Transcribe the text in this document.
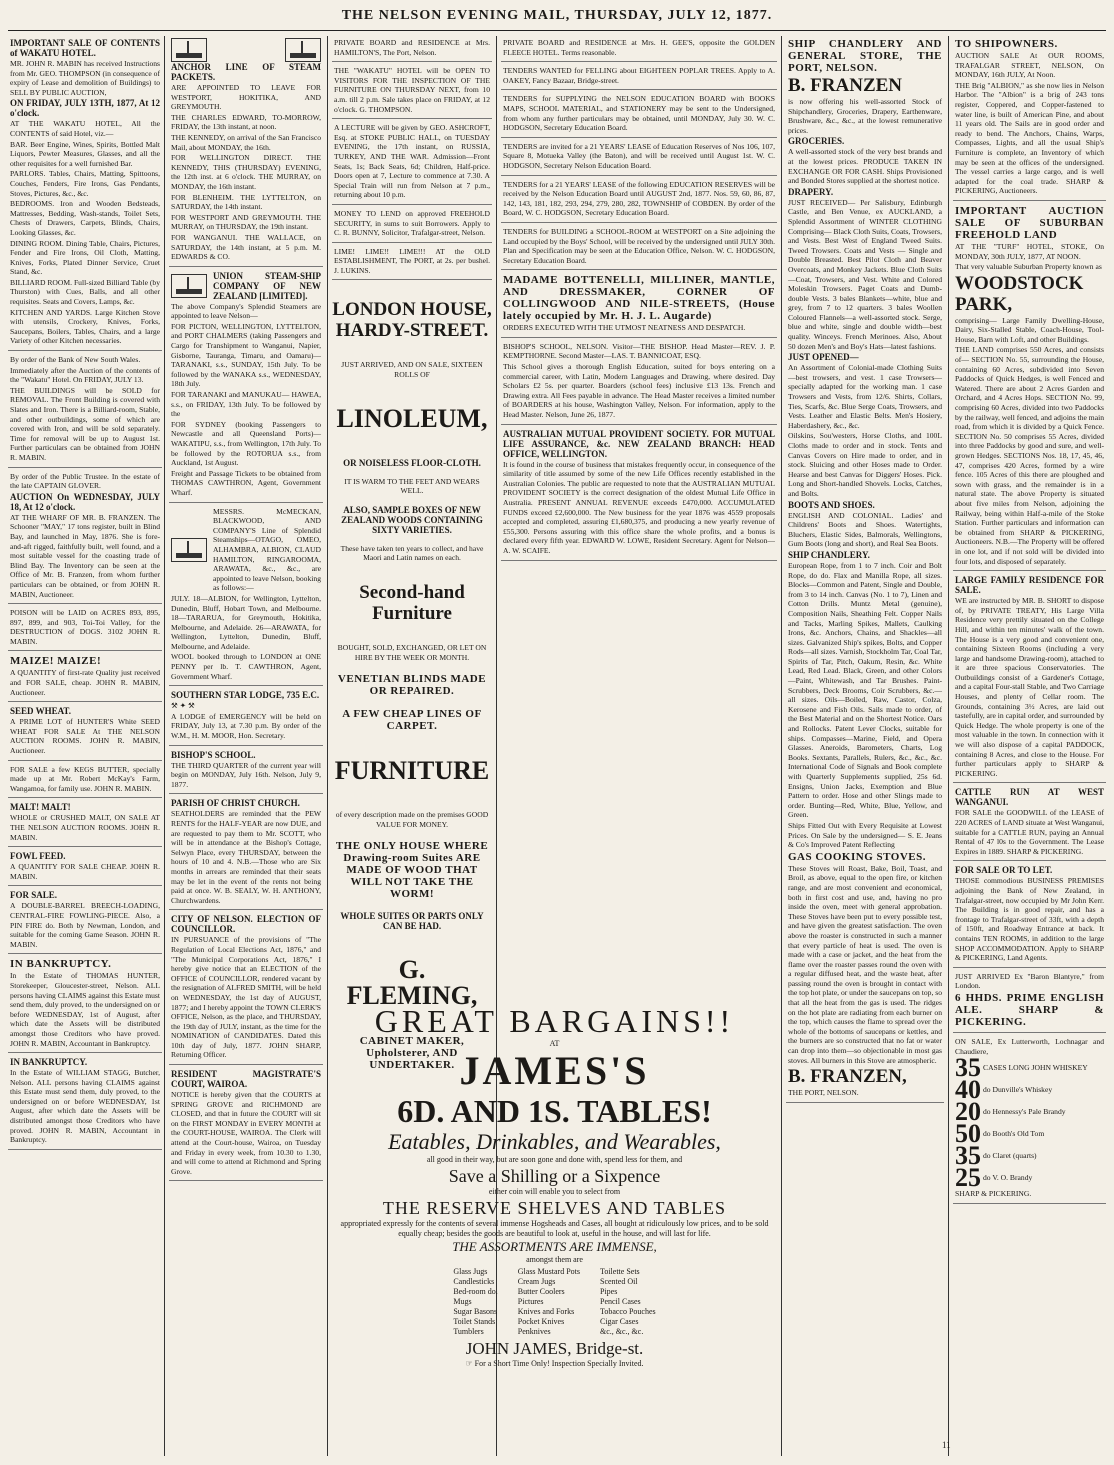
THE NELSON EVENING MAIL, THURSDAY, JULY 12, 1877.

IMPORTANT SALE OF CONTENTS of WAKATU HOTEL.

MR. JOHN R. MABIN has received Instructions from Mr. GEO. THOMPSON (in consequence of expiry of Lease and demolition of Buildings) to SELL BY PUBLIC AUCTION,

ON FRIDAY, JULY 13TH, 1877, At 12 o'clock.

AT THE WAKATU HOTEL, All the CONTENTS of said Hotel, viz.—

BAR. Beer Engine, Wines, Spirits, Bottled Malt Liquors, Pewter Measures, Glasses, and all the other requisites for a well furnished Bar.

PARLORS. Tables, Chairs, Matting, Spittoons, Couches, Fenders, Fire Irons, Gas Pendants, Stoves, Pictures, &c., &c.

BEDROOMS. Iron and Wooden Bedsteads, Mattresses, Bedding, Wash-stands, Toilet Sets, Chests of Drawers, Carpets, Blinds, Chairs, Looking Glasses, &c.

DINING ROOM. Dining Table, Chairs, Pictures, Fender and Fire Irons, Oil Cloth, Matting, Knives, Forks, Plated Dinner Service, Cruet Stand, &c.

BILLIARD ROOM. Full-sized Billiard Table (by Thurston) with Cues, Balls, and all other requisites. Seats and Covers, Lamps, &c.

KITCHEN AND YARDS. Large Kitchen Stove with utensils, Crockery, Knives, Forks, Saucepans, Boilers, Tables, Chairs, and a large Variety of other Kitchen necessaries.

By order of the Bank of New South Wales.

Immediately after the Auction of the contents of the "Wakatu" Hotel. On FRIDAY, JULY 13.

THE BUILDINGS will be SOLD for REMOVAL. The Front Building is covered with Slates and Iron. There is a Billiard-room, Stable, and other outbuildings, some of which are covered with Iron, and will be sold separately. Time for removal will be up to August 1st. Further particulars can be obtained from JOHN R. MABIN.

By order of the Public Trustee. In the estate of the late CAPTAIN GLOVER.

AUCTION On WEDNESDAY, JULY 18, At 12 o'clock.

AT THE WHARF OF MR. B. FRANZEN. The Schooner "MAY," 17 tons register, built in Blind Bay, and launched in May, 1876. She is fore-and-aft rigged, faithfully built, well found, and a most suitable vessel for the coasting trade of Blind Bay. The Inventory can be seen at the Office of Mr. B. Franzen, from whom further particulars can be obtained, or from JOHN R. MABIN, Auctioneer.

POISON will be LAID on ACRES 893, 895, 897, 899, and 903, Toi-Toi Valley, for the DESTRUCTION of DOGS. 3102 JOHN R. MABIN.

MAIZE! MAIZE!

A QUANTITY of first-rate Quality just received and FOR SALE, cheap. JOHN R. MABIN, Auctioneer.

SEED WHEAT.

A PRIME LOT of HUNTER'S White SEED WHEAT FOR SALE At THE NELSON AUCTION ROOMS. JOHN R. MABIN, Auctioneer.

FOR SALE a few KEGS BUTTER, specially made up at Mr. Robert McKay's Farm, Wangamoa, for family use. JOHN R. MABIN.

MALT! MALT!

WHOLE or CRUSHED MALT, ON SALE AT THE NELSON AUCTION ROOMS. JOHN R. MABIN.

FOWL FEED.

A QUANTITY FOR SALE CHEAP. JOHN R. MABIN.

FOR SALE.

A DOUBLE-BARREL BREECH-LOADING, CENTRAL-FIRE FOWLING-PIECE. Also, a PIN FIRE do. Both by Newman, London, and suitable for the coming Game Season. JOHN R. MABIN.

IN BANKRUPTCY.

In the Estate of THOMAS HUNTER, Storekeeper, Gloucester-street, Nelson. ALL persons having CLAIMS against this Estate must send them, duly proved, to the undersigned on or before WEDNESDAY, 1st of August, after which date the Assets will be distributed amongst those Creditors who have proved. JOHN R. MABIN, Accountant in Bankruptcy.

IN BANKRUPTCY.

In the Estate of WILLIAM STAGG, Butcher, Nelson. ALL persons having CLAIMS against this Estate must send them, duly proved, to the undersigned on or before WEDNESDAY, 1st August, after which date the Assets will be distributed amongst those Creditors who have proved. JOHN R. MABIN, Accountant in Bankruptcy.

ANCHOR LINE OF STEAM PACKETS.

ARE APPOINTED TO LEAVE FOR WESTPORT, HOKITIKA, AND GREYMOUTH.

THE CHARLES EDWARD, TO-MORROW, FRIDAY, the 13th instant, at noon.

THE KENNEDY, on arrival of the San Francisco Mail, about MONDAY, the 16th.

FOR WELLINGTON DIRECT. THE KENNEDY, THIS (THURSDAY) EVENING, the 12th inst. at 6 o'clock. THE MURRAY, on MONDAY, the 16th instant.

FOR BLENHEIM. THE LYTTELTON, on SATURDAY, the 14th instant.

FOR WESTPORT AND GREYMOUTH. THE MURRAY, on THURSDAY, the 19th instant.

FOR WANGANUI. THE WALLACE, on SATURDAY, the 14th instant, at 5 p.m. M. EDWARDS & CO.

UNION STEAM-SHIP COMPANY OF NEW ZEALAND [LIMITED].

The above Company's Splendid Steamers are appointed to leave Nelson—

FOR PICTON, WELLINGTON, LYTTELTON, and PORT CHALMERS (taking Passengers and Cargo for Transhipment to Wanganui, Napier, Gisborne, Tauranga, Timaru, and Oamaru)— TARANAKI, s.s., SUNDAY, 15th July. To be followed by the WANAKA s.s., WEDNESDAY, 18th July.

FOR TARANAKI and MANUKAU— HAWEA, s.s., on FRIDAY, 13th July. To be followed by the

FOR SYDNEY (booking Passengers to Newcastle and all Queensland Ports)— WAKATIPU, s.s., from Wellington, 17th July. To be followed by the ROTORUA s.s., from Auckland, 1st August.

Freight and Passage Tickets to be obtained from THOMAS CAWTHRON, Agent, Government Wharf.

MESSRS. McMECKAN, BLACKWOOD, AND COMPANY'S Line of Splendid Steamships—OTAGO, OMEO, ALHAMBRA, ALBION, CLAUD HAMILTON, RINGAROOMA, ARAWATA, &c., &c., are appointed to leave Nelson, booking as follows:—

JULY. 18—ALBION, for Wellington, Lyttelton, Dunedin, Bluff, Hobart Town, and Melbourne. 18—TARARUA, for Greymouth, Hokitika, Melbourne, and Adelaide. 26—ARAWATA, for Wellington, Lyttelton, Dunedin, Bluff, Melbourne, and Adelaide.

WOOL booked through to LONDON at ONE PENNY per lb. T. CAWTHRON, Agent, Government Wharf.

SOUTHERN STAR LODGE, 735 E.C.

⚒ ✦ ⚒

A LODGE of EMERGENCY will be held on FRIDAY, July 13, at 7.30 p.m. By order of the W.M., H. M. MOOR, Hon. Secretary.

BISHOP'S SCHOOL.

THE THIRD QUARTER of the current year will begin on MONDAY, July 16th. Nelson, July 9, 1877.

PARISH OF CHRIST CHURCH.

SEATHOLDERS are reminded that the PEW RENTS for the HALF-YEAR are now DUE, and are requested to pay them to Mr. SCOTT, who will be in attendance at the Bishop's Cottage, Selwyn Place, every THURSDAY, between the hours of 10 and 4. N.B.—Those who are Six months in arrears are reminded that their seats may be let in the event of the rents not being paid at once. W. B. SEALY, W. H. ANTHONY, Churchwardens.

CITY OF NELSON. ELECTION OF COUNCILLOR.

IN PURSUANCE of the provisions of "The Regulation of Local Elections Act, 1876," and "The Municipal Corporations Act, 1876," I hereby give notice that an ELECTION of the OFFICE of COUNCILLOR, rendered vacant by the resignation of ALFRED SMITH, will be held on WEDNESDAY, the 1st day of AUGUST, 1877; and I hereby appoint the TOWN CLERK'S OFFICE, Nelson, as the place, and THURSDAY, the 19th day of JULY, instant, as the time for the NOMINATION of CANDIDATES. Dated this 10th day of July, 1877. JOHN SHARP, Returning Officer.

RESIDENT MAGISTRATE'S COURT, WAIROA.

NOTICE is hereby given that the COURTS at SPRING GROVE and RICHMOND are CLOSED, and that in future the COURT will sit on the FIRST MONDAY in EVERY MONTH at the COURT-HOUSE, WAIROA. The Clerk will attend at the Court-house, Wairoa, on Tuesday and Friday in every week, from 10.30 to 1.30, and will come to attend at Richmond and Spring Grove.

PRIVATE BOARD and RESIDENCE at Mrs. HAMILTON'S, The Port, Nelson.

THE "WAKATU" HOTEL will be OPEN TO VISITORS FOR THE INSPECTION OF THE FURNITURE ON THURSDAY NEXT, from 10 a.m. till 2 p.m. Sale takes place on FRIDAY, at 12 o'clock. G. THOMPSON.

A LECTURE will be given by GEO. ASHCROFT, Esq. at STOKE PUBLIC HALL, on TUESDAY EVENING, the 17th instant, on RUSSIA, TURKEY, AND THE WAR. Admission—Front Seats, 1s; Back Seats, 6d; Children, Half-price. Doors open at 7, Lecture to commence at 7.30. A Special Train will run from Nelson at 7 p.m., returning about 10 p.m.

MONEY TO LEND on approved FREEHOLD SECURITY, in sums to suit Borrowers. Apply to C. R. BUNNY, Solicitor, Trafalgar-street, Nelson.

LIME! LIME!! LIME!!! AT the OLD ESTABLISHMENT, The PORT, at 2s. per bushel. J. LUKINS.

LONDON HOUSE, HARDY-STREET.

JUST ARRIVED, AND ON SALE, SIXTEEN ROLLS OF

LINOLEUM,

OR NOISELESS FLOOR-CLOTH.

IT IS WARM TO THE FEET AND WEARS WELL.

ALSO, SAMPLE BOXES OF NEW ZEALAND WOODS CONTAINING SIXTY VARIETIES.

These have taken ten years to collect, and have Maori and Latin names on each.

Second-hand Furniture

BOUGHT, SOLD, EXCHANGED, OR LET ON HIRE BY THE WEEK OR MONTH.

VENETIAN BLINDS MADE OR REPAIRED.

A FEW CHEAP LINES OF CARPET.

FURNITURE

of every description made on the premises GOOD VALUE FOR MONEY.

THE ONLY HOUSE WHERE Drawing-room Suites ARE MADE OF WOOD THAT WILL NOT TAKE THE WORM!

WHOLE SUITES OR PARTS ONLY CAN BE HAD.

G. FLEMING,

CABINET MAKER, Upholsterer, AND UNDERTAKER.

PRIVATE BOARD and RESIDENCE at Mrs. H. GEE'S, opposite the GOLDEN FLEECE HOTEL. Terms reasonable.

TENDERS WANTED for FELLING about EIGHTEEN POPLAR TREES. Apply to A. OAKEY, Fancy Bazaar, Bridge-street.

TENDERS for SUPPLYING the NELSON EDUCATION BOARD with BOOKS MAPS, SCHOOL MATERIAL, and STATIONERY may be sent to the Undersigned, from whom any further particulars may be obtained, until MONDAY, July 30. W. C. HODGSON, Secretary Education Board.

TENDERS are invited for a 21 YEARS' LEASE of Education Reserves of Nos 106, 107, Square 8, Motueka Valley (the Baton), and will be received until August 1st. W. C. HODGSON, Secretary Nelson Education Board.

TENDERS for a 21 YEARS' LEASE of the following EDUCATION RESERVES will be received by the Nelson Education Board until AUGUST 2nd, 1877. Nos. 59, 60, 86, 87, 142, 143, 181, 182, 293, 294, 279, 280, 282, TOWNSHIP of COBDEN. By order of the Board, W. C. HODGSON, Secretary Education Board.

TENDERS for BUILDING a SCHOOL-ROOM at WESTPORT on a Site adjoining the Land occupied by the Boys' School, will be received by the undersigned until JULY 30th. Plan and Specification may be seen at the Education Office, Nelson. W. C. HODGSON, Secretary Education Board.

MADAME BOTTENELLI, MILLINER, MANTLE, AND DRESSMAKER, CORNER OF COLLINGWOOD AND NILE-STREETS, (House lately occupied by Mr. H. J. L. Augarde)

ORDERS EXECUTED WITH THE UTMOST NEATNESS AND DESPATCH.

BISHOP'S SCHOOL, NELSON. Visitor—THE BISHOP. Head Master—REV. J. P. KEMPTHORNE. Second Master—LAS. T. BANNICOAT, ESQ.

This School gives a thorough English Education, suited for boys entering on a commercial career, with Latin, Modern Languages and Drawing, where desired. Day Scholars £2 5s. per quarter. Boarders (school fees) inclusive £13 13s. French and Drawing extra. All Fees payable in advance. The Head Master receives a limited number of BOARDERS at his house, Washington Valley, Nelson. For information, apply to the Head Master. Nelson, June 26, 1877.

AUSTRALIAN MUTUAL PROVIDENT SOCIETY. FOR MUTUAL LIFE ASSURANCE, &c. NEW ZEALAND BRANCH: HEAD OFFICE, WELLINGTON.

It is found in the course of business that mistakes frequently occur, in consequence of the similarity of title assumed by some of the new Life Offices recently established in the Australian Colonies. The public are requested to note that the AUSTRALIAN MUTUAL PROVIDENT SOCIETY is the correct designation of the oldest Mutual Life Office in Australia. PRESENT ANNUAL REVENUE exceeds £470,000. ACCUMULATED FUNDS exceed £2,600,000. The New business for the year 1876 was 4559 proposals accepted and completed, assuring £1,680,375, and producing a new yearly revenue of £55,300. Persons assuring with this office share the whole profits, and a bonus is declared every fifth year. EDWARD W. LOWE, Resident Secretary. Agent for Nelson—A. W. SCAIFE.

GREAT BARGAINS!!
AT
JAMES'S
6D. AND 1S. TABLES!
Eatables, Drinkables, and Wearables,
all good in their way, but are soon gone and done with, spend less for them, and
Save a Shilling or a Sixpence
either coin will enable you to select from
THE RESERVE SHELVES AND TABLES
appropriated expressly for the contents of several immense Hogsheads and Cases, all bought at ridiculously low prices, and to be sold equally cheap; besides the goods are beautiful to look at, useful in the house, and will last for life.
THE ASSORTMENTS ARE IMMENSE,
amongst them are
Glass Jugs	Glass Mustard Pots	Toilette Sets
Candlesticks	Cream Jugs	Scented Oil
Bed-room do.	Butter Coolers	Pipes
Mugs	Pictures	Pencil Cases
Sugar Basons	Knives and Forks	Tobacco Pouches
Toilet Stands	Pocket Knives	Cigar Cases
Tumblers	Penknives	&c., &c., &c.
JOHN JAMES, Bridge-st.
☞ For a Short Time Only! Inspection Specially Invited.

SHIP CHANDLERY AND GENERAL STORE, THE PORT, NELSON.

B. FRANZEN

is now offering his well-assorted Stock of Shipchandlery, Groceries, Drapery, Earthenware, Brushware, &c., &c., at the lowest remunerative prices.

GROCERIES.

A well-assorted stock of the very best brands and at the lowest prices. PRODUCE TAKEN IN EXCHANGE OR FOR CASH. Ships Provisioned and Bonded Stores supplied at the shortest notice.

DRAPERY.

JUST RECEIVED— Per Salisbury, Edinburgh Castle, and Ben Venue, ex AUCKLAND, a Splendid Assortment of WINTER CLOTHING Comprising— Black Cloth Suits, Coats, Trowsers, and Vests. Best West of England Tweed Suits. Tweed Trowsers. Coats and Vests — Single and Double Breasted. Best Pilot Cloth and Beaver Overcoats, and Monkey Jackets. Blue Cloth Suits—Coat, Trowsers, and Vest. White and Colored Moleskin Trowsers. Paget Coats and Dumb-double Vests. 3 bales Blankets—white, blue and grey, from 7 to 12 quarters. 3 bales Woollen Coloured Flannels—a well-assorted stock. Serge, blue and white, single and double width—best quality. Winceys. French Merinoes. Also, About 50 dozen Men's and Boy's Hats—latest fashions.

JUST OPENED—

An Assortment of Colonial-made Clothing Suits—best trowsers, and vest. 1 case Trowsers—specially adapted for the working man. 1 case Trowsers and Vests, from 12/6. Shirts, Collars, Ties, Scarfs, &c. Blue Serge Coats, Trowsers, and Vests. Leather and Elastic Belts. Men's Hosiery, Haberdashery, &c., &c.

Oilskins, Sou'westers, Horse Cloths, and 100L Cloths made to order and in stock. Tents and Canvas Covers on Hire made to order, and in stock. Sluicing and other Hoses made to Order. Hearse and best Canvas for Diggers' Hoses. Pick. Long and Short-handled Shovels. Locks, Catches, and Bolts.

BOOTS AND SHOES.

ENGLISH AND COLONIAL. Ladies' and Childrens' Boots and Shoes. Watertights, Bluchers, Elastic Sides, Balmorals, Wellingtons, Gum Boots (long and short), and Real Sea Boots.

SHIP CHANDLERY.

European Rope, from 1 to 7 inch. Coir and Bolt Rope, do do. Flax and Manilla Rope, all sizes. Blocks—Common and Patent, Single and Double, from 3 to 14 inch. Canvas (No. 1 to 7), Linen and Cotton Drills. Muntz Metal (genuine), Composition Nails, Sheathing Felt. Copper Nails and Tacks, Marling Spikes, Mallets, Caulking Irons, &c. Anchors, Chains, and Shackles—all sizes. Galvanized Ship's spikes, Bolts, and Copper Rods—all sizes. Varnish, Stockholm Tar, Coal Tar, Spirits of Tar, Pitch, Oakum, Resin, &c. White Lead, Red Lead. Black, Green, and other Colors—Paint, Whitewash, and Tar Brushes. Paint-Scrubbers, Deck Brooms, Coir Scrubbers, &c.—all sizes. Oils—Boiled, Raw, Castor, Colza, Kerosene and Fish Oils. Sails made to order, of the Best Material and on the Shortest Notice. Oars and Rollocks. Patent Lever Clocks, suitable for ships. Compasses—Marine, Field, and Opera Glasses. Aneroids, Barometers, Charts, Log Books. Sextants, Parallels, Rulers, &c., &c., &c. International Code of Signals and Book complete with Quarterly Supplements supplied, 25s 6d. Ensigns, Union Jacks, Exemption and Blue Pattern to order. Hose and other Slings made to order. Bunting—Red, White, Blue, Yellow, and Green.

Ships Fitted Out with Every Requisite at Lowest Prices. On Sale by the undersigned— S. E. Jeans & Co's Improved Patent Reflecting

GAS COOKING STOVES.

These Stoves will Roast, Bake, Boil, Toast, and Broil, as above, equal to the open fire, or kitchen range, and are most convenient and economical, both in first cost and use, and, having no pro inside the oven, meet with general approbation. These Stoves have been put to every possible test, and have given the greatest satisfaction. The oven above the roaster is constructed in such a manner that every particle of heat is used. The oven is made with a case or jacket, and the heat from the flame over the roaster passes round the oven with a regular diffused heat, and the waste heat, after passing round the oven is brought in contact with the top hot plate, or under the saucepans on top, so that all the heat from the gas is used. The ridges on the hot plate are radiating from each burner on the top, which causes the flame to spread over the whole of the bottoms of saucepans or kettles, and the burners are so constructed that no fat or water can drop into them—so objectionable in most gas stoves. All burners in this Stove are atmospheric.

B. FRANZEN,

THE PORT, NELSON.

TO SHIPOWNERS.

AUCTION SALE At OUR ROOMS, TRAFALGAR STREET, NELSON, On MONDAY, 16th JULY, At Noon.

THE Brig "ALBION," as she now lies in Nelson Harbor. The "Albion" is a brig of 243 tons register, Coppered, and Copper-fastened to water line, is built of American Pine, and about 11 years old. The Sails are in good order and ready to bend. The Anchors, Chains, Warps, Compasses, Lights, and all the usual Ship's Furniture is complete, an Inventory of which may be seen at the offices of the undersigned. The vessel carries a large cargo, and is well adapted for the coal trade. SHARP & PICKERING, Auctioneers.

IMPORTANT AUCTION SALE OF SUBURBAN FREEHOLD LAND

AT THE "TURF" HOTEL, STOKE, On MONDAY, 30th JULY, 1877, AT NOON.

That very valuable Suburban Property known as

WOODSTOCK PARK,

comprising— Large Family Dwelling-House, Dairy, Six-Stalled Stable, Coach-House, Tool-House, Barn with Loft, and other Buildings.

THE LAND comprises 550 Acres, and consists of— SECTION No. 55, surrounding the House, containing 60 Acres, subdivided into Seven Paddocks of Quick Hedges, is well Fenced and Watered. There are about 2 Acres Garden and Orchard, and 4 Acres Hops. SECTION No. 99, comprising 60 Acres, divided into two Paddocks by the railway, well fenced, and adjoins the main road, from which it is divided by a Quick Fence. SECTION No. 50 comprises 55 Acres, divided into three Paddocks by good and sure, and well-grown Hedges. SECTIONS Nos. 18, 17, 45, 46, 47, comprises 420 Acres, formed by a wire fence. 105 Acres of this there are ploughed and sown with grass, and the remainder is in a natural state. The above Property is situated about five miles from Nelson, adjoining the Railway, being within Half-a-mile of the Stoke Station. Further particulars and information can be obtained from SHARP & PICKERING, Auctioneers. N.B.—The Property will be offered in one lot, and if not sold will be divided into four lots, and disposed of separately.

LARGE FAMILY RESIDENCE FOR SALE.

WE are instructed by MR. B. SHORT to dispose of, by PRIVATE TREATY, His Large Villa Residence very prettily situated on the College Hill, and within ten minutes' walk of the town. The House is a very good and convenient one, containing Sixteen Rooms (including a very large and handsome Drawing-room), attached to it are three spacious Conservatories. The Outbuildings consist of a Gardener's Cottage, and a capital Four-stall Stable, and Two Carriage Houses, and plenty of Cellar room. The Grounds, containing 3½ Acres, are laid out tastefully, are in capital order, and surrounded by Quick Hedge. The whole property is one of the most valuable in the town. In connection with it we will also dispose of a capital PADDOCK, containing 8 Acres, and close to the House. For further particulars apply to SHARP & PICKERING.

CATTLE RUN AT WEST WANGANUI.

FOR SALE the GOODWILL of the LEASE of 220 ACRES of LAND situate at West Wanganui, suitable for a CATTLE RUN, paying an Annual Rental of 47 l0s to the Government. The Lease Expires in 1889. SHARP & PICKERING.

FOR SALE OR TO LET.

THOSE commodious BUSINESS PREMISES adjoining the Bank of New Zealand, in Trafalgar-street, now occupied by Mr John Kerr. The Building is in good repair, and has a frontage to Trafalgar-street of 33ft, with a depth of 150ft, and Roadway Entrance at back. It contains TEN ROOMS, in addition to the large SHOP ACCOMMODATION. Apply to SHARP & PICKERING, Land Agents.

JUST ARRIVED Ex "Baron Blantyre," from London.

6 HHDS. PRIME ENGLISH ALE. SHARP & PICKERING.

ON SALE, Ex Lutterworth, Lochnagar and Chaudiere,

35 CASES LONG JOHN WHISKEY
40 do Dunville's Whiskey
20 do Hennessy's Pale Brandy
50 do Booth's Old Tom
35 do Claret (quarts)
25 do V. O. Brandy

SHARP & PICKERING.

11
